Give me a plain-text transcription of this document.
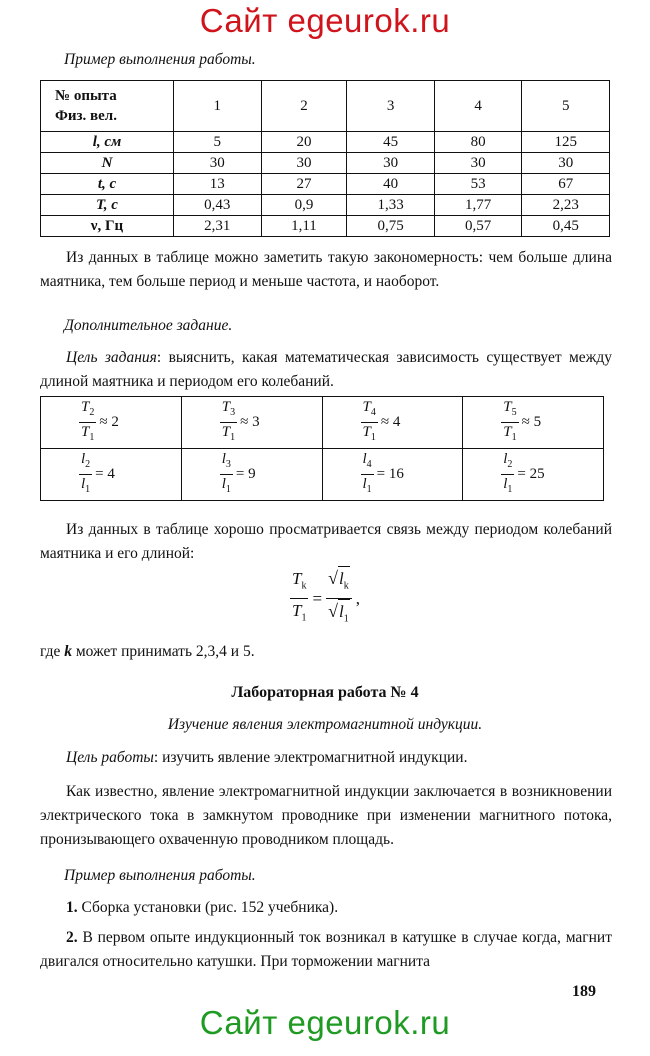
Сайт egeurok.ru
Пример выполнения работы.
№ опыта
Физ. вел.	1	2	3	4	5
l, см	5	20	45	80	125
N	30	30	30	30	30
t, с	13	27	40	53	67
T, с	0,43	0,9	1,33	1,77	2,23
ν, Гц	2,31	1,11	0,75	0,57	0,45
Из данных в таблице можно заметить такую закономерность: чем больше длина маятника, тем больше период и меньше частота, и наоборот.
Дополнительное задание.
Цель задания: выяснить, какая математическая зависимость существует между длиной маятника и периодом его колебаний.
$\frac{T_2}{T_1} \approx 2$	$\frac{T_3}{T_1} \approx 3$	$\frac{T_4}{T_1} \approx 4$	$\frac{T_5}{T_1} \approx 5$

$\frac{l_2}{l_1} = 4$	$\frac{l_3}{l_1} = 9$	$\frac{l_4}{l_1} = 16$	$\frac{l_2}{l_1} = 25$
Из данных в таблице хорошо просматривается связь между периодом колебаний маятника и его длиной:
$\frac{T_k}{T_1} = \frac{√ l_k}{√ l_1}$ ,
где k может принимать 2,3,4 и 5.
Лабораторная работа № 4
Изучение явления электромагнитной индукции.
Цель работы: изучить явление электромагнитной индукции.
Как известно, явление электромагнитной индукции заключается в возникновении электрического тока в замкнутом проводнике при изменении магнитного потока, пронизывающего охваченную проводником площадь.
Пример выполнения работы.
1. Сборка установки (рис. 152 учебника).
2. В первом опыте индукционный ток возникал в катушке в случае когда, магнит двигался относительно катушки. При торможении магнита
189
Сайт egeurok.ru
